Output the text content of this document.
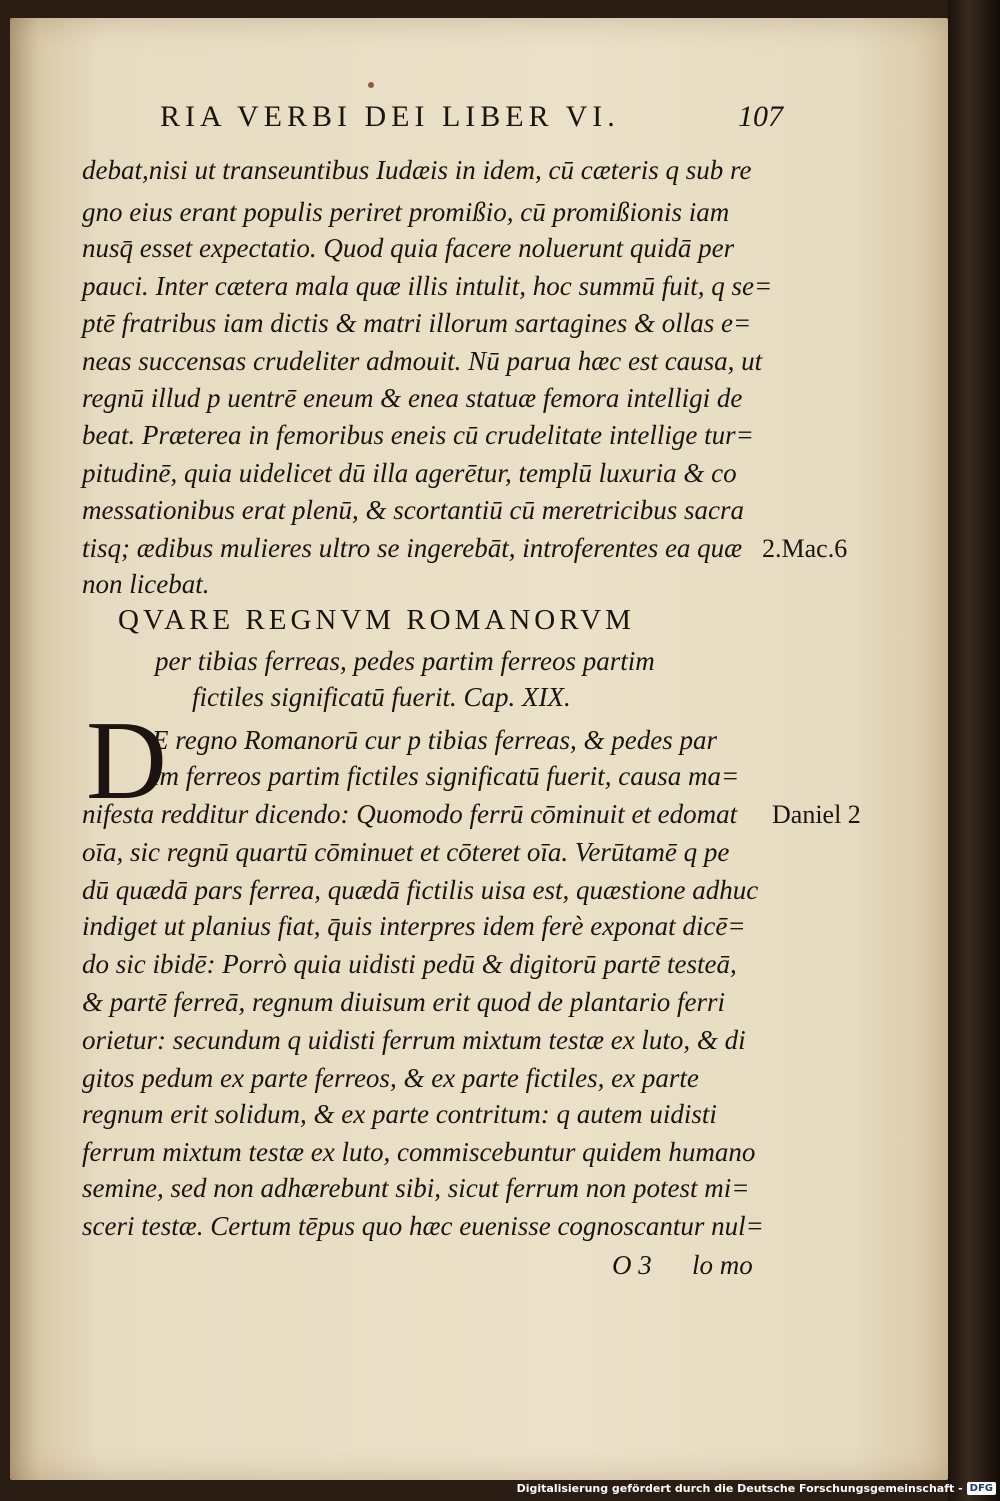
RIA VERBI DEI LIBER VI.	107
debat,nisi ut transeuntibus Iudæis in idem, cū cæteris q sub re
gno eius erant populis periret promißio, cū promißionis iam
nusq̄ esset expectatio. Quod quia facere noluerunt quidā per
pauci. Inter cætera mala quæ illis intulit, hoc summū fuit, q se=
ptē fratribus iam dictis & matri illorum sartagines & ollas e=
neas succensas crudeliter admouit. Nū parua hæc est causa, ut
regnū illud p uentrē eneum & enea statuæ femora intelligi de
beat. Præterea in femoribus eneis cū crudelitate intellige tur=
pitudinē, quia uidelicet dū illa agerētur, templū luxuria & co
messationibus erat plenū, & scortantiū cū meretricibus sacra
tisq; ædibus mulieres ultro se ingerebāt, introferentes ea quæ
non licebat.
2.Mac.6
QVARE REGNVM ROMANORVM
per tibias ferreas, pedes partim ferreos partim
fictiles significatū fuerit. Cap. XIX.
D
E regno Romanorū cur p tibias ferreas, & pedes par
im ferreos partim fictiles significatū fuerit, causa ma=
nifesta redditur dicendo: Quomodo ferrū cōminuit et edomat
oīa, sic regnū quartū cōminuet et cōteret oīa. Verūtamē q pe
dū quædā pars ferrea, quædā fictilis uisa est, quæstione adhuc
indiget ut planius fiat, q̄uis interpres idem ferè exponat dicē=
do sic ibidē: Porrò quia uidisti pedū & digitorū partē testeā,
& partē ferreā, regnum diuisum erit quod de plantario ferri
orietur: secundum q uidisti ferrum mixtum testæ ex luto, & di
gitos pedum ex parte ferreos, & ex parte fictiles, ex parte
regnum erit solidum, & ex parte contritum: q autem uidisti
ferrum mixtum testæ ex luto, commiscebuntur quidem humano
semine, sed non adhærebunt sibi, sicut ferrum non potest mi=
sceri testæ. Certum tēpus quo hæc euenisse cognoscantur nul=
Daniel 2
O 3 lo mo
Digitalisierung gefördert durch die Deutsche Forschungsgemeinschaft - DFG
